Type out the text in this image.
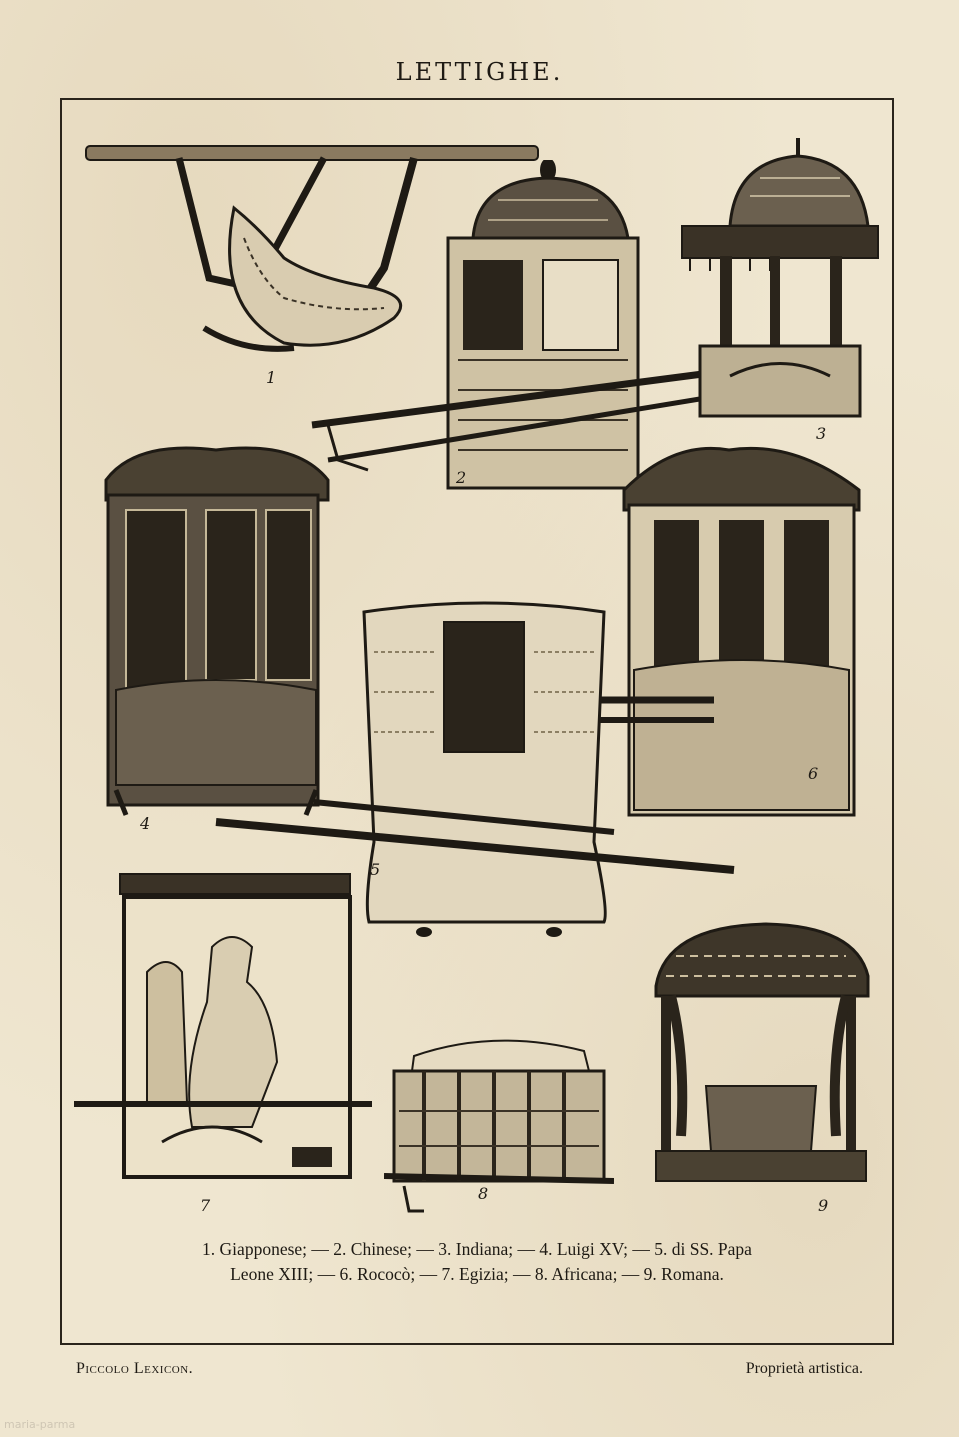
LETTIGHE.
1
2
3
4
6
5
7
8
9
1. Giapponese; — 2. Chinese; — 3. Indiana; — 4. Luigi XV; — 5. di SS. Papa
Leone XIII; — 6. Rococò; — 7. Egizia; — 8. Africana; — 9. Romana.
Piccolo Lexicon.	Proprietà artistica.
maria-parma
